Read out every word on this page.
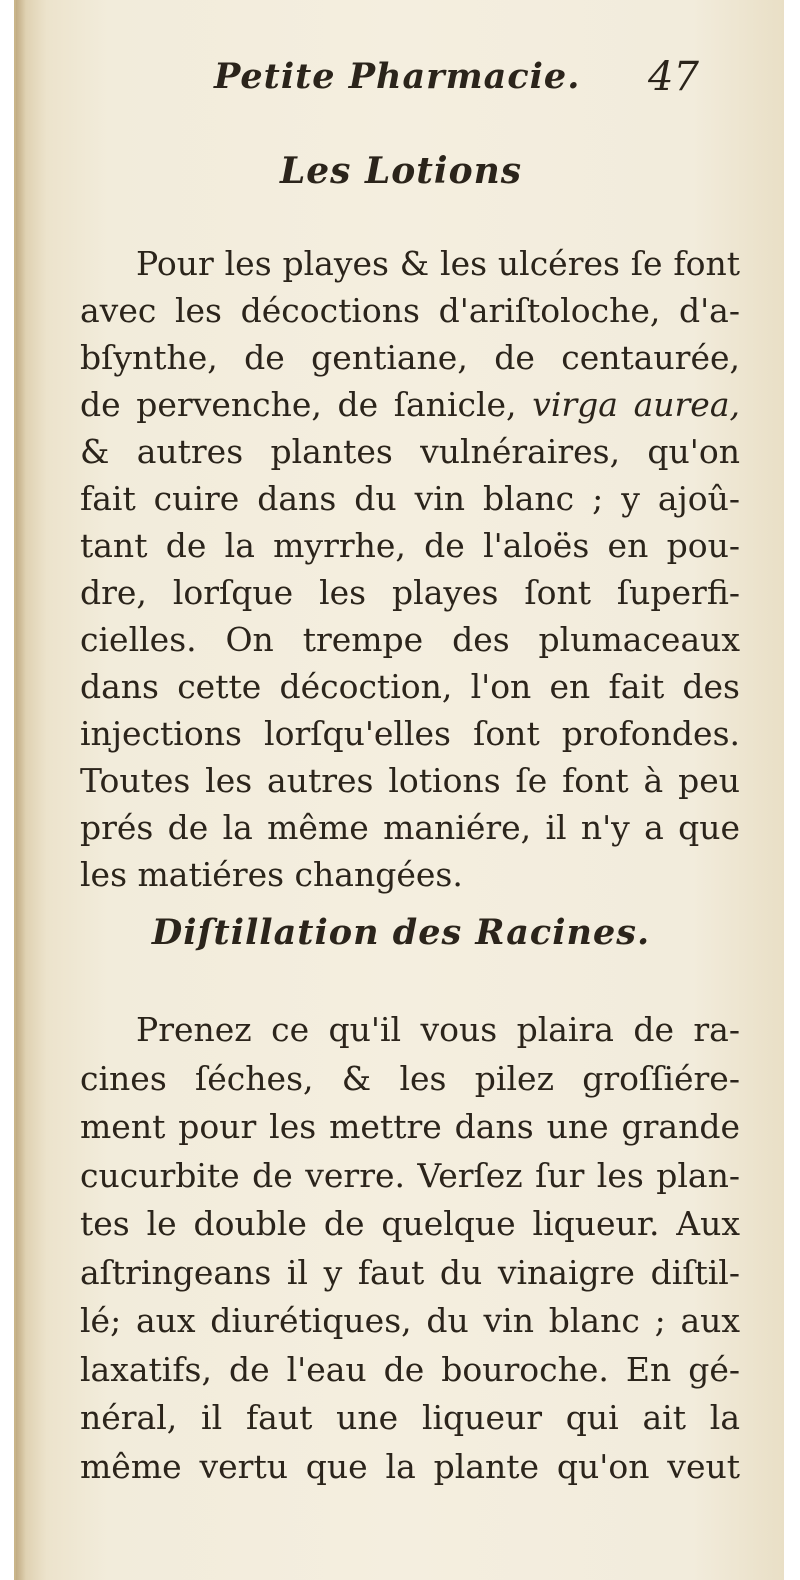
Petite Pharmacie. 47
Les Lotions
Pour les playes & les ulcéres ſe font
avec les décoctions d'ariſtoloche, d'a-
bſynthe, de gentiane, de centaurée,
de pervenche, de ſanicle, virga aurea,
& autres plantes vulnéraires, qu'on
fait cuire dans du vin blanc ; y ajoû-
tant de la myrrhe, de l'aloës en pou-
dre, lorſque les playes ſont ſuperfi-
cielles. On trempe des plumaceaux
dans cette décoction, l'on en fait des
injections lorſqu'elles ſont profondes.
Toutes les autres lotions ſe font à peu
prés de la même maniére, il n'y a que
les matiéres changées.
Diſtillation des Racines.
Prenez ce qu'il vous plaira de ra-
cines ſéches, & les pilez groſſiére-
ment pour les mettre dans une grande
cucurbite de verre. Verſez ſur les plan-
tes le double de quelque liqueur. Aux
aſtringeans il y faut du vinaigre diſtil-
lé; aux diurétiques, du vin blanc ; aux
laxatifs, de l'eau de bouroche. En gé-
néral, il faut une liqueur qui ait la
même vertu que la plante qu'on veut
